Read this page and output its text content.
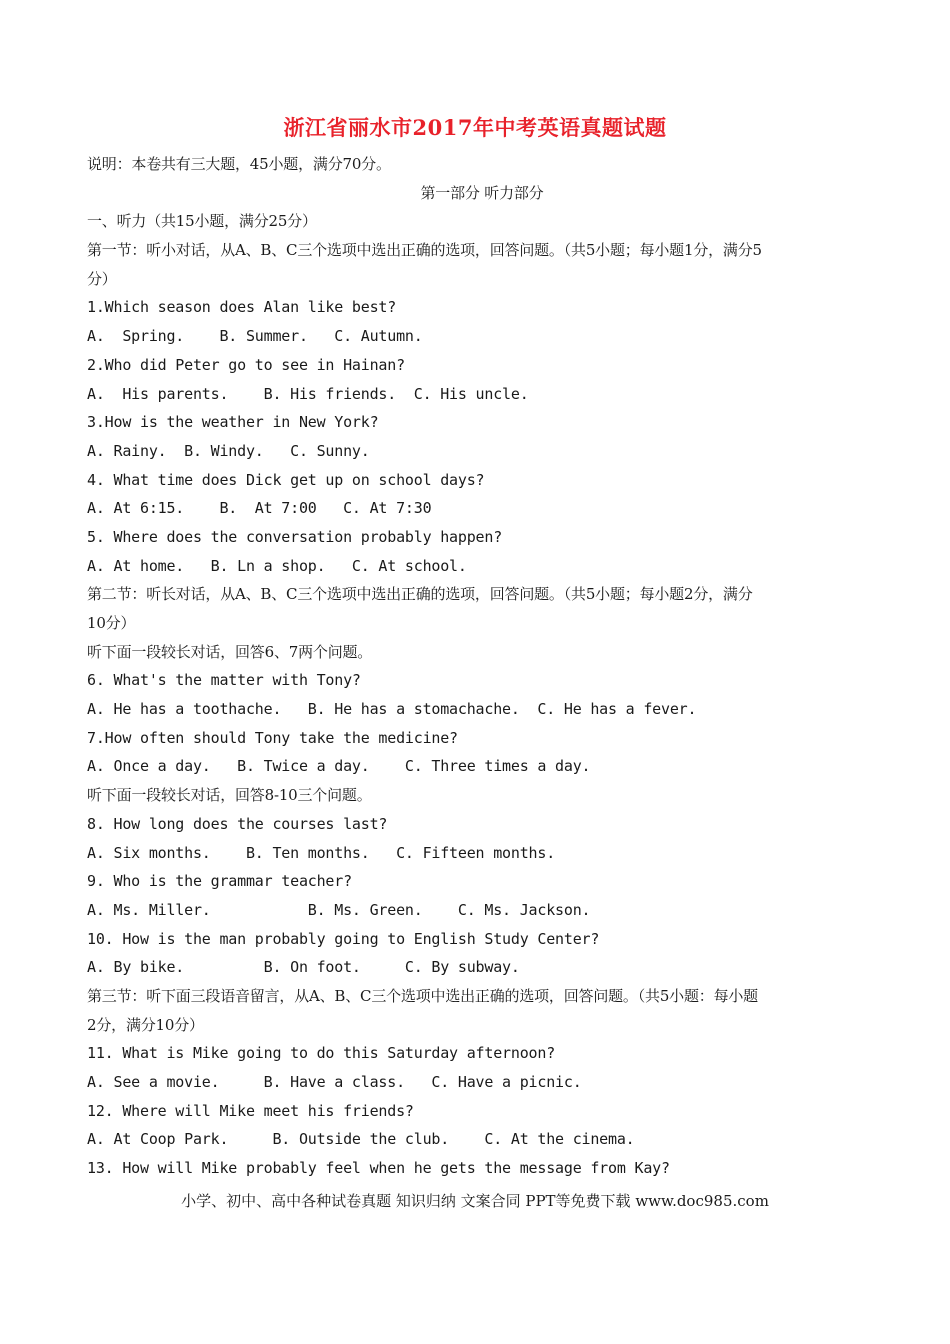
浙江省丽水市2017年中考英语真题试题
说明：本卷共有三大题，45小题，满分70分。
第一部分 听力部分
一、听力（共15小题，满分25分）
第一节：听小对话，从A、B、C三个选项中选出正确的选项，回答问题。（共5小题；每小题1分，满分5
分）
1.Which season does Alan like best?
A.  Spring.    B. Summer.   C. Autumn.
2.Who did Peter go to see in Hainan?
A.  His parents.    B. His friends.  C. His uncle.
3.How is the weather in New York?
A. Rainy.  B. Windy.   C. Sunny.
4. What time does Dick get up on school days?
A. At 6:15.    B.  At 7:00   C. At 7:30
5. Where does the conversation probably happen?
A. At home.   B. Ln a shop.   C. At school.
第二节：听长对话，从A、B、C三个选项中选出正确的选项，回答问题。（共5小题；每小题2分，满分
10分）
听下面一段较长对话，回答6、7两个问题。
6. What's the matter with Tony?
A. He has a toothache.   B. He has a stomachache.  C. He has a fever.
7.How often should Tony take the medicine?
A. Once a day.   B. Twice a day.    C. Three times a day.
听下面一段较长对话，回答8-10三个问题。
8. How long does the courses last?
A. Six months.    B. Ten months.   C. Fifteen months.
9. Who is the grammar teacher?
A. Ms. Miller.           B. Ms. Green.    C. Ms. Jackson.
10. How is the man probably going to English Study Center?
A. By bike.         B. On foot.     C. By subway.
第三节：听下面三段语音留言，从A、B、C三个选项中选出正确的选项，回答问题。（共5小题：每小题
2分，满分10分）
11. What is Mike going to do this Saturday afternoon?
A. See a movie.     B. Have a class.   C. Have a picnic.
12. Where will Mike meet his friends?
A. At Coop Park.     B. Outside the club.    C. At the cinema.
13. How will Mike probably feel when he gets the message from Kay?
小学、初中、高中各种试卷真题 知识归纳 文案合同 PPT等免费下载 www.doc985.com
